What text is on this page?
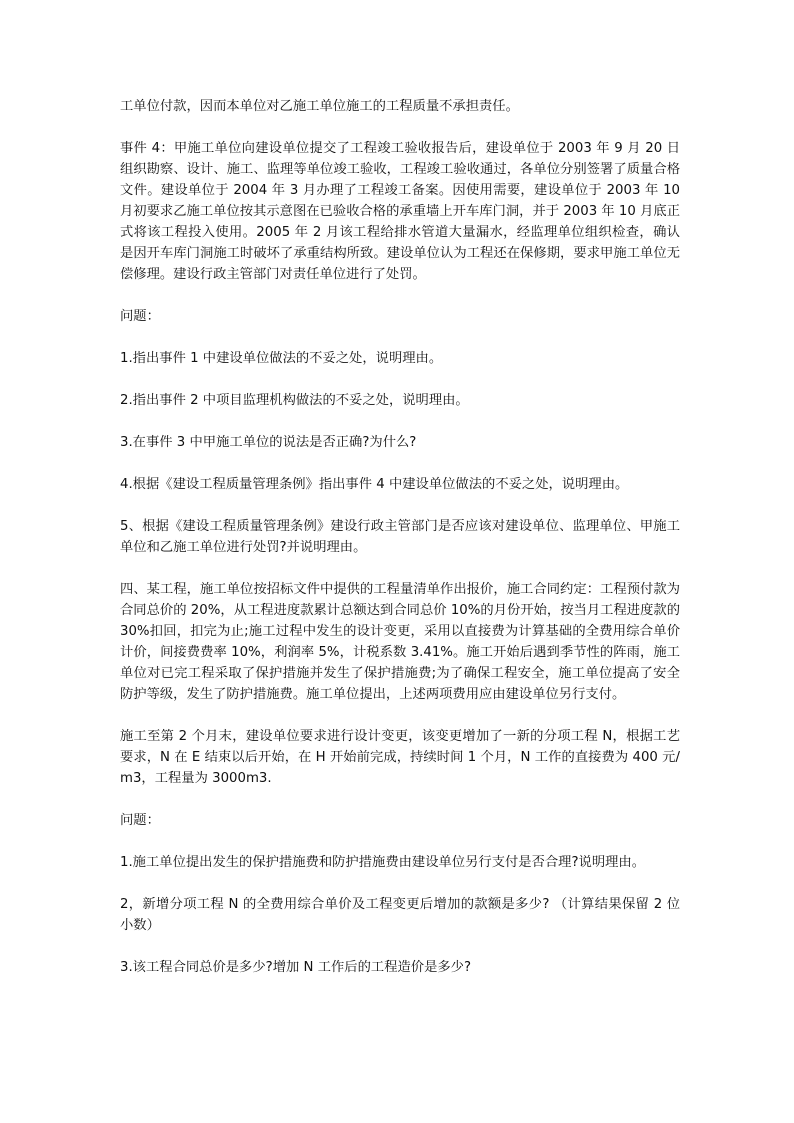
工单位付款，因而本单位对乙施工单位施工的工程质量不承担责任。

事件 4：甲施工单位向建设单位提交了工程竣工验收报告后，建设单位于 2003 年 9 月 20 日组织勘察、设计、施工、监理等单位竣工验收，工程竣工验收通过，各单位分别签署了质量合格文件。建设单位于 2004 年 3 月办理了工程竣工备案。因使用需要，建设单位于 2003 年 10 月初要求乙施工单位按其示意图在已验收合格的承重墙上开车库门洞，并于 2003 年 10 月底正式将该工程投入使用。2005 年 2 月该工程给排水管道大量漏水，经监理单位组织检查，确认是因开车库门洞施工时破坏了承重结构所致。建设单位认为工程还在保修期，要求甲施工单位无偿修理。建设行政主管部门对责任单位进行了处罚。

问题：

1.指出事件 1 中建设单位做法的不妥之处，说明理由。

2.指出事件 2 中项目监理机构做法的不妥之处，说明理由。

3.在事件 3 中甲施工单位的说法是否正确?为什么?

4.根据《建设工程质量管理条例》指出事件 4 中建设单位做法的不妥之处，说明理由。

5、根据《建设工程质量管理条例》建设行政主管部门是否应该对建设单位、监理单位、甲施工单位和乙施工单位进行处罚?并说明理由。

四、某工程，施工单位按招标文件中提供的工程量清单作出报价，施工合同约定：工程预付款为合同总价的 20%，从工程进度款累计总额达到合同总价 10%的月份开始，按当月工程进度款的 30%扣回，扣完为止;施工过程中发生的设计变更，采用以直接费为计算基础的全费用综合单价计价，间接费费率 10%，利润率 5%，计税系数 3.41%。施工开始后遇到季节性的阵雨，施工单位对已完工程采取了保护措施并发生了保护措施费;为了确保工程安全，施工单位提高了安全防护等级，发生了防护措施费。施工单位提出，上述两项费用应由建设单位另行支付。

施工至第 2 个月末，建设单位要求进行设计变更，该变更增加了一新的分项工程 N，根据工艺要求，N 在 E 结束以后开始，在 H 开始前完成，持续时间 1 个月，N 工作的直接费为 400 元/m3，工程量为 3000m3.

问题：

1.施工单位提出发生的保护措施费和防护措施费由建设单位另行支付是否合理?说明理由。

2，新增分项工程 N 的全费用综合单价及工程变更后增加的款额是多少? （计算结果保留 2 位小数）

3.该工程合同总价是多少?增加 N 工作后的工程造价是多少?
